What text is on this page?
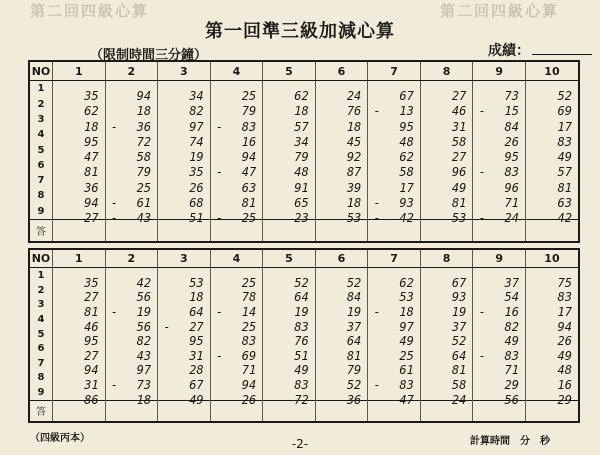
第二回四級心算	第二回四級心算
第一回準三級加減心算
（限制時間三分鐘）	成績：
NO	1	2	3	4	5	6	7	8	9	10
1	35	94	34	25	62	24	67	27	73	52

2	62	18	82	79	18	76	- 13	46	- 15	69

3	18	- 36	97	- 83	57	18	95	31	84	17

4	95	72	74	16	34	45	48	58	26	83

5	47	58	19	94	79	92	62	27	95	49

6	81	79	35	- 47	48	87	58	96	- 83	57

7	36	25	26	63	91	39	17	49	96	81

8	94	- 61	68	81	65	18	- 93	81	71	63

9	27	- 43	51	- 25	23	53	- 42	53	- 24	42

答										
NO	1	2	3	4	5	6	7	8	9	10
1	35	42	53	25	52	52	62	67	37	75

2	27	56	18	78	64	84	53	93	54	83

3	81	- 19	64	- 14	19	19	- 18	19	- 16	17

4	46	56	- 27	25	83	37	97	37	82	94

5	95	82	95	83	76	64	49	52	49	26

6	27	43	31	- 69	51	81	25	64	- 83	49

7	94	97	28	71	49	79	61	81	71	48

8	31	- 73	67	94	83	52	- 83	58	29	16

9	86	- 18	49	- 26	72	36	- 47	24	- 56	29

答										
（四級丙本）	-2-	計算時間 分 秒
